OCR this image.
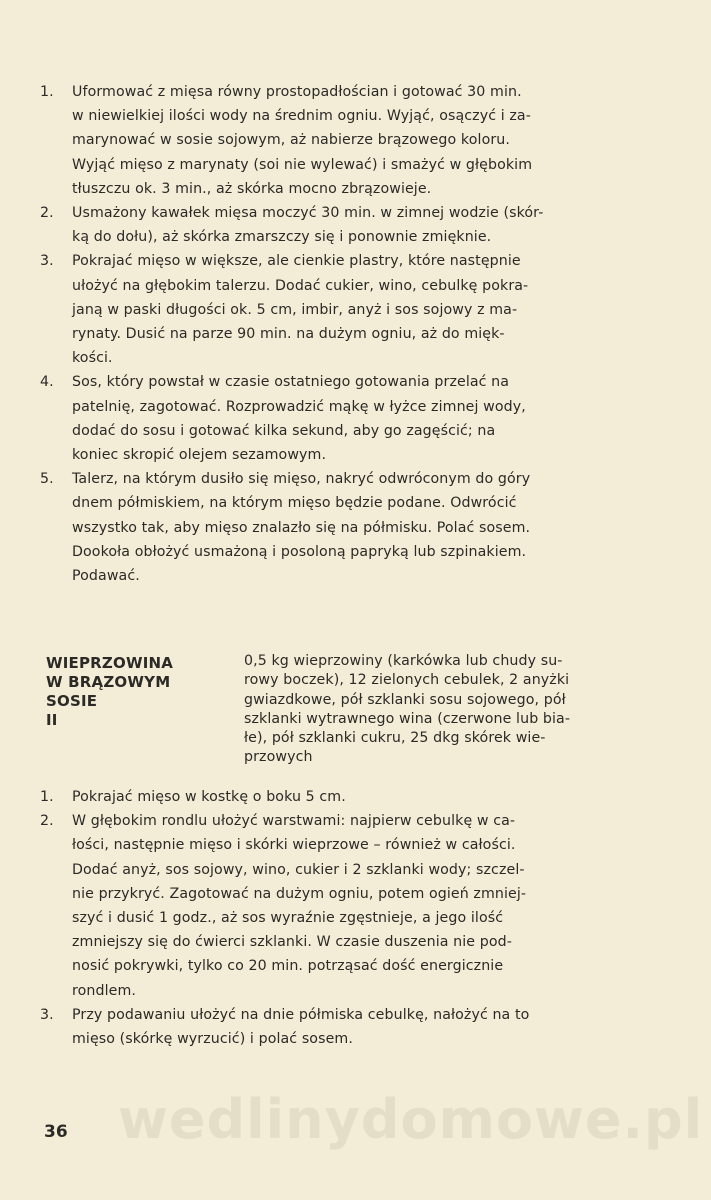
1. Uformować z mięsa równy prostopadłościan i gotować 30 min.
w niewielkiej ilości wody na średnim ogniu. Wyjąć, osączyć i za-
marynować w sosie sojowym, aż nabierze brązowego koloru.
Wyjąć mięso z marynaty (soi nie wylewać) i smażyć w głębokim
tłuszczu ok. 3 min., aż skórka mocno zbrązowieje.
2. Usmażony kawałek mięsa moczyć 30 min. w zimnej wodzie (skór-
ką do dołu), aż skórka zmarszczy się i ponownie zmięknie.
3. Pokrajać mięso w większe, ale cienkie plastry, które następnie
ułożyć na głębokim talerzu. Dodać cukier, wino, cebulkę pokra-
janą w paski długości ok. 5 cm, imbir, anyż i sos sojowy z ma-
rynaty. Dusić na parze 90 min. na dużym ogniu, aż do mięk-
kości.
4. Sos, który powstał w czasie ostatniego gotowania przelać na
patelnię, zagotować. Rozprowadzić mąkę w łyżce zimnej wody,
dodać do sosu i gotować kilka sekund, aby go zagęścić; na
koniec skropić olejem sezamowym.
5. Talerz, na którym dusiło się mięso, nakryć odwróconym do góry
dnem półmiskiem, na którym mięso będzie podane. Odwrócić
wszystko tak, aby mięso znalazło się na półmisku. Polać sosem.
Dookoła obłożyć usmażoną i posoloną papryką lub szpinakiem.
Podawać.
WIEPRZOWINA
W BRĄZOWYM
SOSIE
II
0,5 kg wieprzowiny (karkówka lub chudy su-
rowy boczek), 12 zielonych cebulek, 2 anyżki
gwiazdkowe, pół szklanki sosu sojowego, pół
szklanki wytrawnego wina (czerwone lub bia-
łe), pół szklanki cukru, 25 dkg skórek wie-
przowych
1. Pokrajać mięso w kostkę o boku 5 cm.
2. W głębokim rondlu ułożyć warstwami: najpierw cebulkę w ca-
łości, następnie mięso i skórki wieprzowe – również w całości.
Dodać anyż, sos sojowy, wino, cukier i 2 szklanki wody; szczel-
nie przykryć. Zagotować na dużym ogniu, potem ogień zmniej-
szyć i dusić 1 godz., aż sos wyraźnie zgęstnieje, a jego ilość
zmniejszy się do ćwierci szklanki. W czasie duszenia nie pod-
nosić pokrywki, tylko co 20 min. potrząsać dość energicznie
rondlem.
3. Przy podawaniu ułożyć na dnie półmiska cebulkę, nałożyć na to
mięso (skórkę wyrzucić) i polać sosem.
wedlinydomowe.pl
36
